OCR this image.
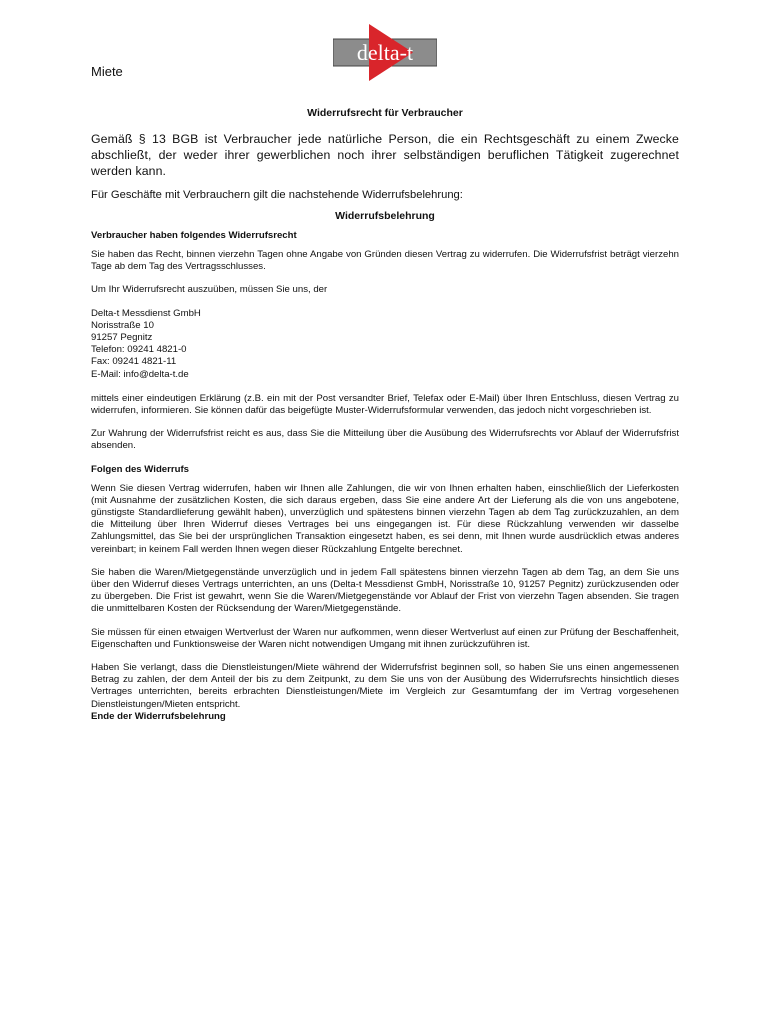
delta-t
Miete
Widerrufsrecht für Verbraucher

Gemäß § 13 BGB ist Verbraucher jede natürliche Person, die ein Rechtsgeschäft zu einem Zwecke abschließt, der weder ihrer gewerblichen noch ihrer selbständigen beruflichen Tätigkeit zugerechnet werden kann.

Für Geschäfte mit Verbrauchern gilt die nachstehende Widerrufsbelehrung:

Widerrufsbelehrung
Verbraucher haben folgendes Widerrufsrecht

Sie haben das Recht, binnen vierzehn Tagen ohne Angabe von Gründen diesen Vertrag zu widerrufen. Die Widerrufsfrist beträgt vierzehn Tage ab dem Tag des Vertragsschlusses.

Um Ihr Widerrufsrecht auszuüben, müssen Sie uns, der

Delta-t Messdienst GmbH
Norisstraße 10
91257 Pegnitz
Telefon: 09241 4821-0
Fax: 09241 4821-11
E-Mail: info@delta-t.de

mittels einer eindeutigen Erklärung (z.B. ein mit der Post versandter Brief, Telefax oder E-Mail) über Ihren Entschluss, diesen Vertrag zu widerrufen, informieren. Sie können dafür das beigefügte Muster-Widerrufsformular verwenden, das jedoch nicht vorgeschrieben ist.

Zur Wahrung der Widerrufsfrist reicht es aus, dass Sie die Mitteilung über die Ausübung des Widerrufsrechts vor Ablauf der Widerrufsfrist absenden.

Folgen des Widerrufs

Wenn Sie diesen Vertrag widerrufen, haben wir Ihnen alle Zahlungen, die wir von Ihnen erhalten haben, einschließlich der Lieferkosten (mit Ausnahme der zusätzlichen Kosten, die sich daraus ergeben, dass Sie eine andere Art der Lieferung als die von uns angebotene, günstigste Standardlieferung gewählt haben), unverzüglich und spätestens binnen vierzehn Tagen ab dem Tag zurückzuzahlen, an dem die Mitteilung über Ihren Widerruf dieses Vertrages bei uns eingegangen ist. Für diese Rückzahlung verwenden wir dasselbe Zahlungsmittel, das Sie bei der ursprünglichen Transaktion eingesetzt haben, es sei denn, mit Ihnen wurde ausdrücklich etwas anderes vereinbart; in keinem Fall werden Ihnen wegen dieser Rückzahlung Entgelte berechnet.

Sie haben die Waren/Mietgegenstände unverzüglich und in jedem Fall spätestens binnen vierzehn Tagen ab dem Tag, an dem Sie uns über den Widerruf dieses Vertrags unterrichten, an uns (Delta-t Messdienst GmbH, Norisstraße 10, 91257 Pegnitz) zurückzusenden oder zu übergeben. Die Frist ist gewahrt, wenn Sie die Waren/Mietgegenstände vor Ablauf der Frist von vierzehn Tagen absenden. Sie tragen die unmittelbaren Kosten der Rücksendung der Waren/Mietgegenstände.

Sie müssen für einen etwaigen Wertverlust der Waren nur aufkommen, wenn dieser Wertverlust auf einen zur Prüfung der Beschaffenheit, Eigenschaften und Funktionsweise der Waren nicht notwendigen Umgang mit ihnen zurückzuführen ist.

Haben Sie verlangt, dass die Dienstleistungen/Miete während der Widerrufsfrist beginnen soll, so haben Sie uns einen angemessenen Betrag zu zahlen, der dem Anteil der bis zu dem Zeitpunkt, zu dem Sie uns von der Ausübung des Widerrufsrechts hinsichtlich dieses Vertrages unterrichten, bereits erbrachten Dienstleistungen/Miete im Vergleich zur Gesamtumfang der im Vertrag vorgesehenen Dienstleistungen/Mieten entspricht.

Ende der Widerrufsbelehrung
